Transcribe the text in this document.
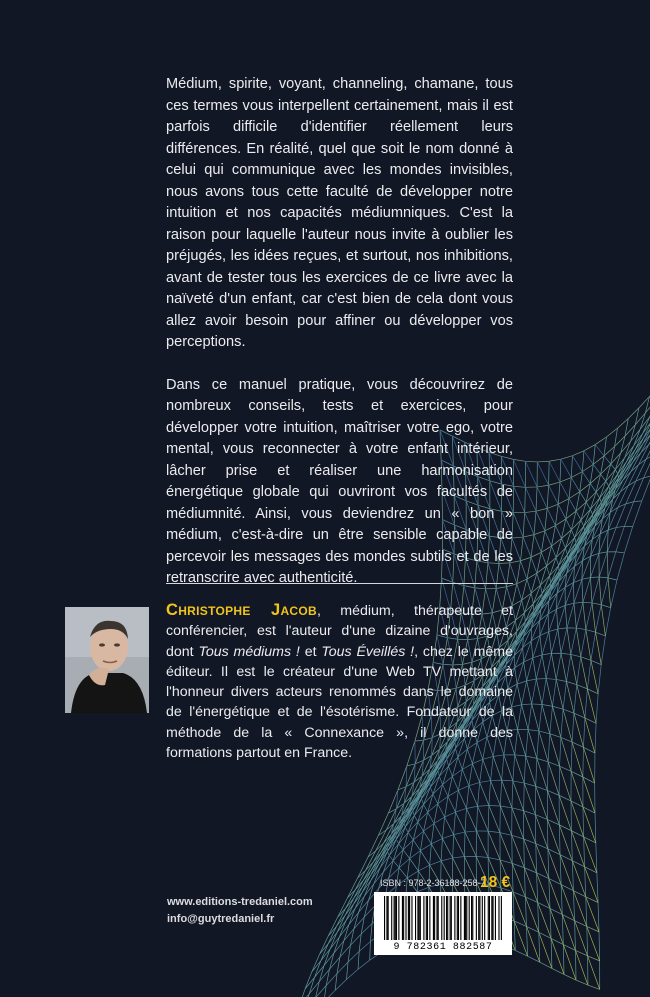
Médium, spirite, voyant, channeling, chamane, tous ces termes vous interpellent certainement, mais il est parfois difficile d'identifier réellement leurs différences. En réalité, quel que soit le nom donné à celui qui communique avec les mondes invisibles, nous avons tous cette faculté de développer notre intuition et nos capacités médiumniques. C'est la raison pour laquelle l'auteur nous invite à oublier les préjugés, les idées reçues, et surtout, nos inhibitions, avant de tester tous les exercices de ce livre avec la naïveté d'un enfant, car c'est bien de cela dont vous allez avoir besoin pour affiner ou développer vos perceptions.

Dans ce manuel pratique, vous découvrirez de nombreux conseils, tests et exercices, pour développer votre intuition, maîtriser votre ego, votre mental, vous reconnecter à votre enfant intérieur, lâcher prise et réaliser une harmonisation énergétique globale qui ouvriront vos facultés de médiumnité. Ainsi, vous deviendrez un « bon » médium, c'est-à-dire un être sensible capable de percevoir les messages des mondes subtils et de les retranscrire avec authenticité.

Christophe Jacob, médium, thérapeute et conférencier, est l'auteur d'une dizaine d'ouvrages, dont Tous médiums ! et Tous Éveillés !, chez le même éditeur. Il est le créateur d'une Web TV mettant à l'honneur divers acteurs renommés dans le domaine de l'énergétique et de l'ésotérisme. Fondateur de la méthode de la « Connexance », il donne des formations partout en France.
www.editions-tredaniel.com
info@guytredaniel.fr
ISBN : 978-2-36188-258-7
18 €
9 782361 882587
